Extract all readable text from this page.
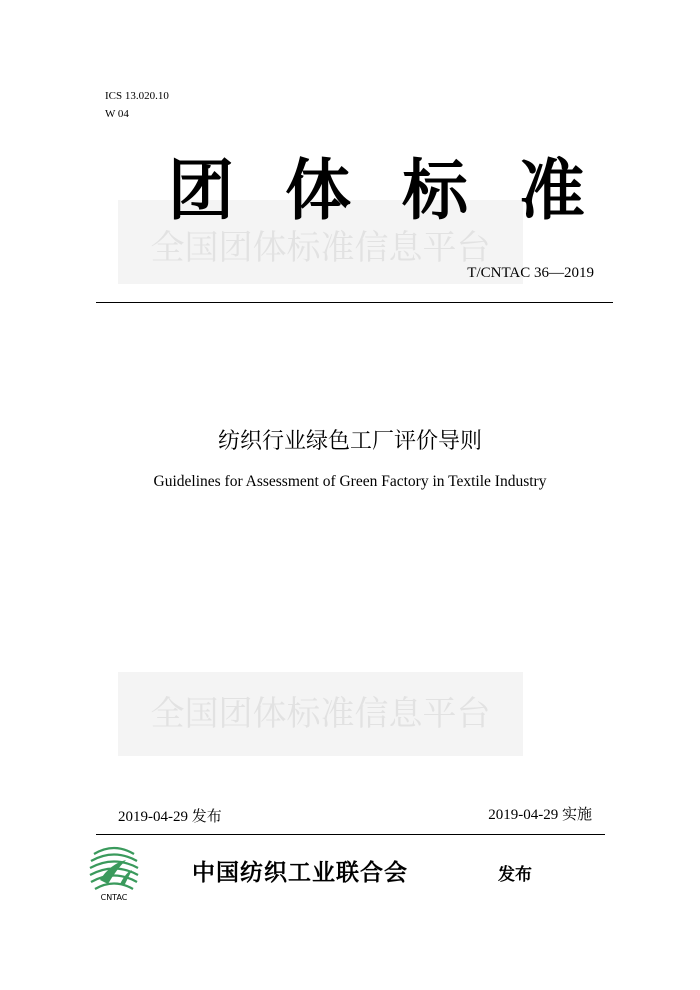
ICS 13.020.10
W 04
全国团体标准信息平台
团 体 标 准
T/CNTAC 36—2019
纺织行业绿色工厂评价导则
Guidelines for Assessment of Green Factory in Textile Industry
全国团体标准信息平台
2019-04-29 发布	2019-04-29 实施
CNTAC
中国纺织工业联合会	发布
